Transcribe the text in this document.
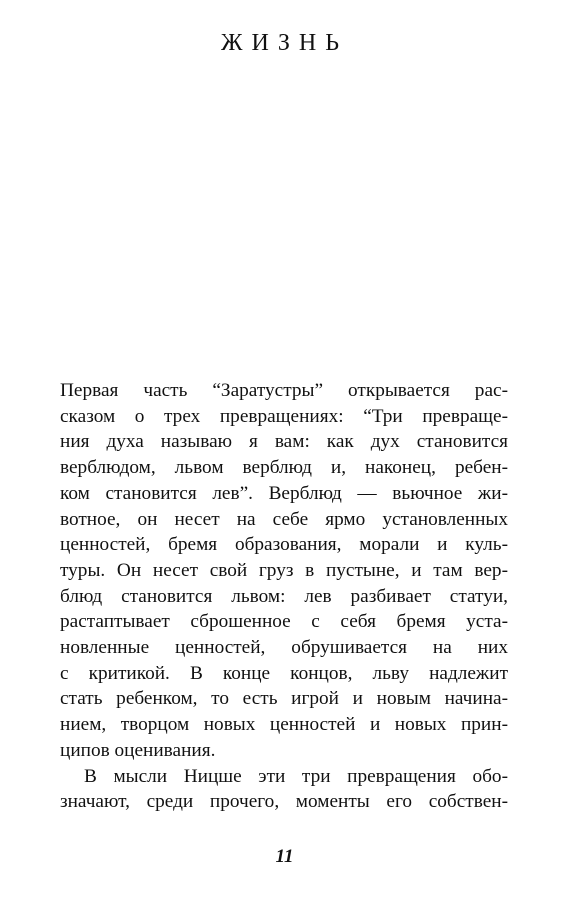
ЖИЗНЬ
Первая часть “Заратустры” открывается рас-
сказом о трех превращениях: “Три превраще-
ния духа называю я вам: как дух становится
верблюдом, львом верблюд и, наконец, ребен-
ком становится лев”. Верблюд — вьючное жи-
вотное, он несет на себе ярмо установленных
ценностей, бремя образования, морали и куль-
туры. Он несет свой груз в пустыне, и там вер-
блюд становится львом: лев разбивает статуи,
растаптывает сброшенное с себя бремя уста-
новленные ценностей, обрушивается на них
с критикой. В конце концов, льву надлежит
стать ребенком, то есть игрой и новым начина-
нием, творцом новых ценностей и новых прин-
ципов оценивания.
В мысли Ницше эти три превращения обо-
значают, среди прочего, моменты его собствен-
11
